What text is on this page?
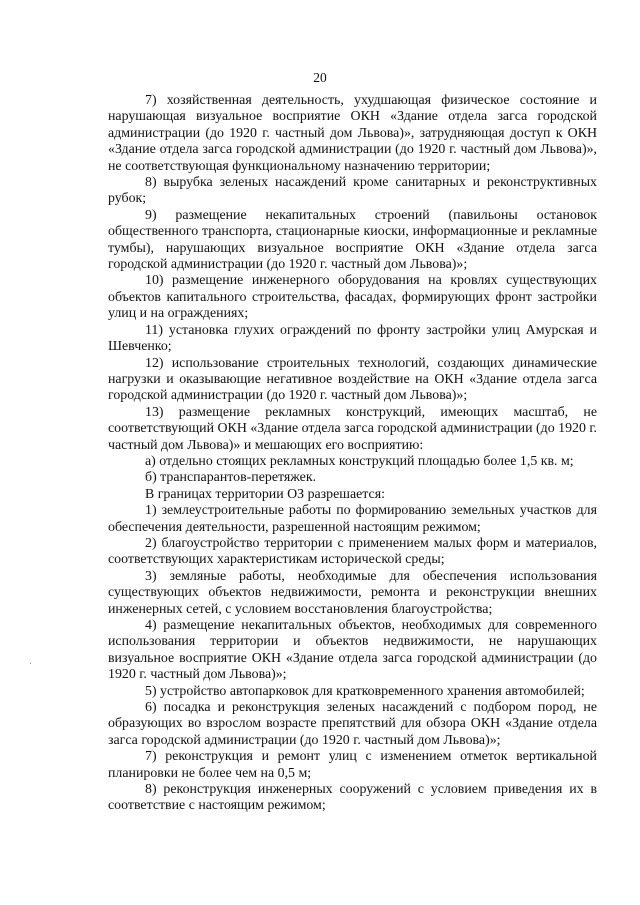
20

7) хозяйственная деятельность, ухудшающая физическое состояние и нарушающая визуальное восприятие ОКН «Здание отдела загса городской администрации (до 1920 г. частный дом Львова)», затрудняющая доступ к ОКН «Здание отдела загса городской администрации (до 1920 г. частный дом Львова)», не соответствующая функциональному назначению территории;

8) вырубка зеленых насаждений кроме санитарных и реконструктивных рубок;

9) размещение некапитальных строений (павильоны остановок общественного транспорта, стационарные киоски, информационные и рекламные тумбы), нарушающих визуальное восприятие ОКН «Здание отдела загса городской администрации (до 1920 г. частный дом Львова)»;

10) размещение инженерного оборудования на кровлях существующих объектов капитального строительства, фасадах, формирующих фронт застройки улиц и на ограждениях;

11) установка глухих ограждений по фронту застройки улиц Амурская и Шевченко;

12) использование строительных технологий, создающих динамические нагрузки и оказывающие негативное воздействие на ОКН «Здание отдела загса городской администрации (до 1920 г. частный дом Львова)»;

13) размещение рекламных конструкций, имеющих масштаб, не соответствующий ОКН «Здание отдела загса городской администрации (до 1920 г. частный дом Львова)» и мешающих его восприятию:

а) отдельно стоящих рекламных конструкций площадью более 1,5 кв. м;

б) транспарантов-перетяжек.

В границах территории ОЗ разрешается:

1) землеустроительные работы по формированию земельных участков для обеспечения деятельности, разрешенной настоящим режимом;

2) благоустройство территории с применением малых форм и материалов, соответствующих характеристикам исторической среды;

3) земляные работы, необходимые для обеспечения использования существующих объектов недвижимости, ремонта и реконструкции внешних инженерных сетей, с условием восстановления благоустройства;

4) размещение некапитальных объектов, необходимых для современного использования территории и объектов недвижимости, не нарушающих визуальное восприятие ОКН «Здание отдела загса городской администрации (до 1920 г. частный дом Львова)»;

5) устройство автопарковок для кратковременного хранения автомобилей;

6) посадка и реконструкция зеленых насаждений с подбором пород, не образующих во взрослом возрасте препятствий для обзора ОКН «Здание отдела загса городской администрации (до 1920 г. частный дом Львова)»;

7) реконструкция и ремонт улиц с изменением отметок вертикальной планировки не более чем на 0,5 м;

8) реконструкция инженерных сооружений с условием приведения их в соответствие с настоящим режимом;
